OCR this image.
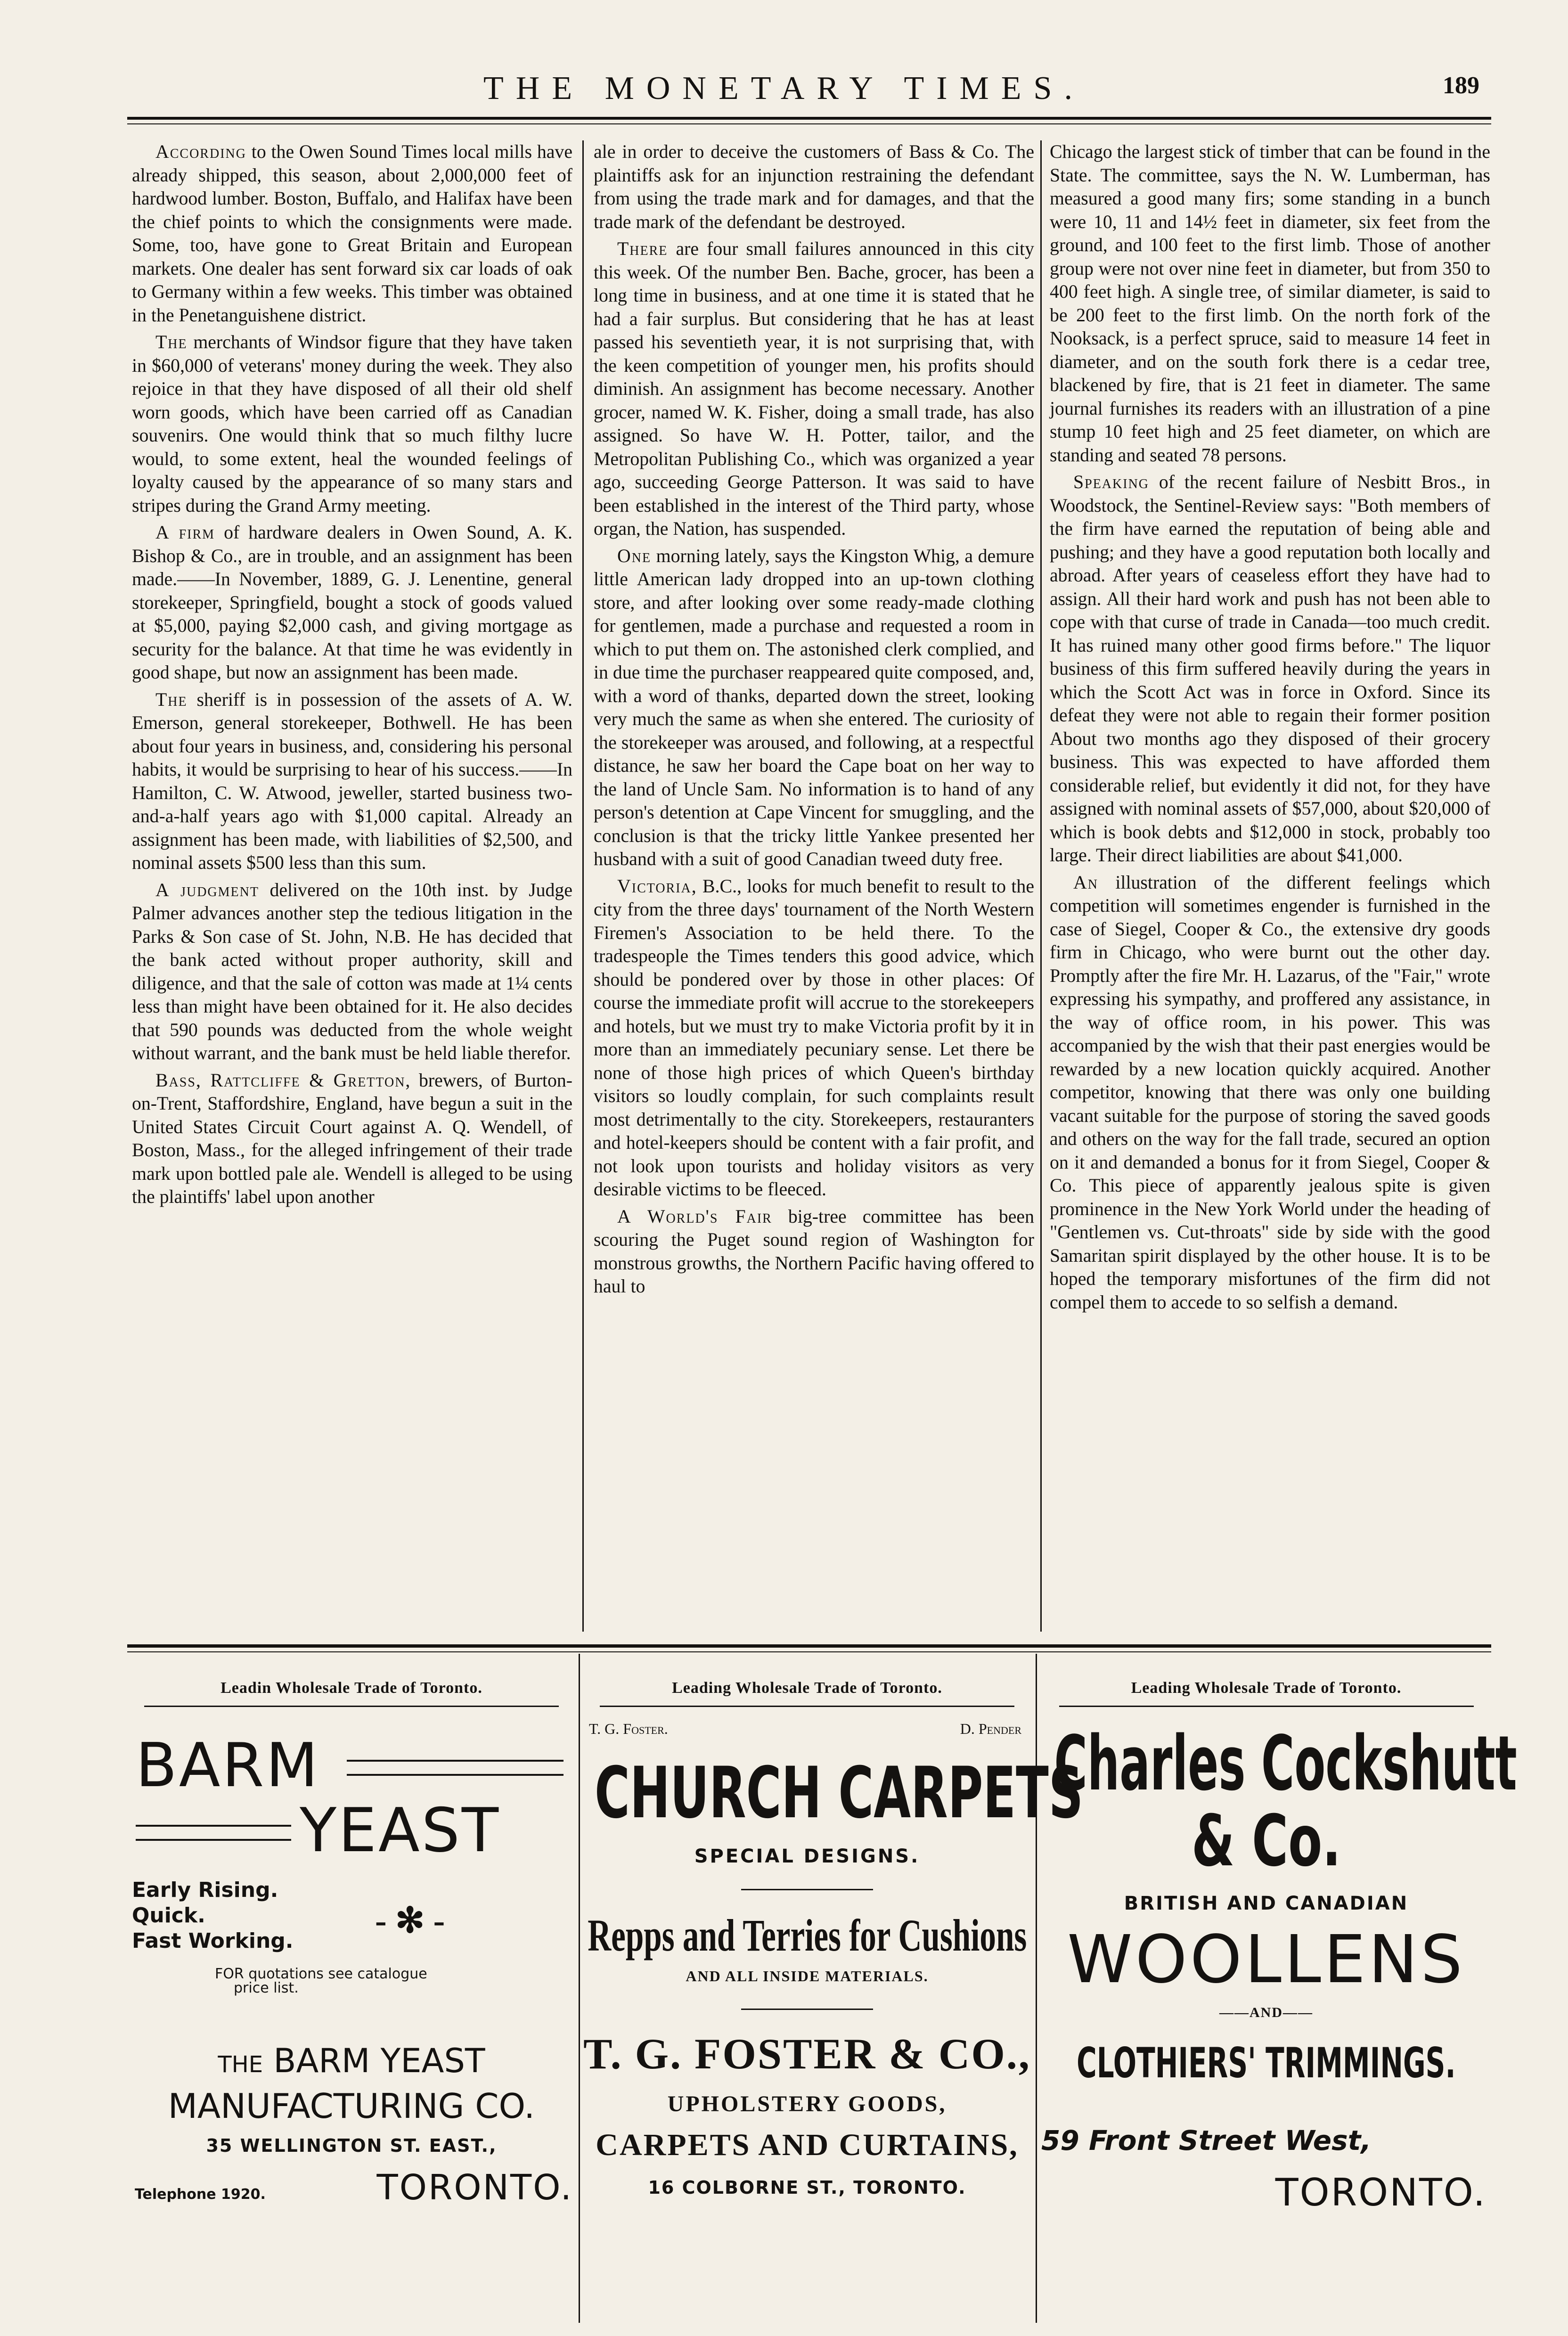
THE MONETARY TIMES.	189

According to the Owen Sound Times local mills have already shipped, this season, about 2,000,000 feet of hardwood lumber. Boston, Buffalo, and Halifax have been the chief points to which the consignments were made. Some, too, have gone to Great Britain and European markets. One dealer has sent forward six car loads of oak to Germany within a few weeks. This timber was obtained in the Penetanguishene district.

The merchants of Windsor figure that they have taken in $60,000 of veterans' money during the week. They also rejoice in that they have disposed of all their old shelf worn goods, which have been carried off as Canadian souvenirs. One would think that so much filthy lucre would, to some extent, heal the wounded feelings of loyalty caused by the appearance of so many stars and stripes during the Grand Army meeting.

A firm of hardware dealers in Owen Sound, A. K. Bishop & Co., are in trouble, and an assignment has been made.——In November, 1889, G. J. Lenentine, general storekeeper, Springfield, bought a stock of goods valued at $5,000, paying $2,000 cash, and giving mortgage as security for the balance. At that time he was evidently in good shape, but now an assignment has been made.

The sheriff is in possession of the assets of A. W. Emerson, general storekeeper, Bothwell. He has been about four years in business, and, considering his personal habits, it would be surprising to hear of his success.——In Hamilton, C. W. Atwood, jeweller, started business two-and-a-half years ago with $1,000 capital. Already an assignment has been made, with liabilities of $2,500, and nominal assets $500 less than this sum.

A judgment delivered on the 10th inst. by Judge Palmer advances another step the tedious litigation in the Parks & Son case of St. John, N.B. He has decided that the bank acted without proper authority, skill and diligence, and that the sale of cotton was made at 1¼ cents less than might have been obtained for it. He also decides that 590 pounds was deducted from the whole weight without warrant, and the bank must be held liable therefor.

Bass, Rattcliffe & Gretton, brewers, of Burton-on-Trent, Staffordshire, England, have begun a suit in the United States Circuit Court against A. Q. Wendell, of Boston, Mass., for the alleged infringement of their trade mark upon bottled pale ale. Wendell is alleged to be using the plaintiffs' label upon another

ale in order to deceive the customers of Bass & Co. The plaintiffs ask for an injunction restraining the defendant from using the trade mark and for damages, and that the trade mark of the defendant be destroyed.

There are four small failures announced in this city this week. Of the number Ben. Bache, grocer, has been a long time in business, and at one time it is stated that he had a fair surplus. But considering that he has at least passed his seventieth year, it is not surprising that, with the keen competition of younger men, his profits should diminish. An assignment has become necessary. Another grocer, named W. K. Fisher, doing a small trade, has also assigned. So have W. H. Potter, tailor, and the Metropolitan Publishing Co., which was organized a year ago, succeeding George Patterson. It was said to have been established in the interest of the Third party, whose organ, the Nation, has suspended.

One morning lately, says the Kingston Whig, a demure little American lady dropped into an up-town clothing store, and after looking over some ready-made clothing for gentlemen, made a purchase and requested a room in which to put them on. The astonished clerk complied, and in due time the purchaser reappeared quite composed, and, with a word of thanks, departed down the street, looking very much the same as when she entered. The curiosity of the storekeeper was aroused, and following, at a respectful distance, he saw her board the Cape boat on her way to the land of Uncle Sam. No information is to hand of any person's detention at Cape Vincent for smuggling, and the conclusion is that the tricky little Yankee presented her husband with a suit of good Canadian tweed duty free.

Victoria, B.C., looks for much benefit to result to the city from the three days' tournament of the North Western Firemen's Association to be held there. To the tradespeople the Times tenders this good advice, which should be pondered over by those in other places: Of course the immediate profit will accrue to the storekeepers and hotels, but we must try to make Victoria profit by it in more than an immediately pecuniary sense. Let there be none of those high prices of which Queen's birthday visitors so loudly complain, for such complaints result most detrimentally to the city. Storekeepers, restauranters and hotel-keepers should be content with a fair profit, and not look upon tourists and holiday visitors as very desirable victims to be fleeced.

A World's Fair big-tree committee has been scouring the Puget sound region of Washington for monstrous growths, the Northern Pacific having offered to haul to

Chicago the largest stick of timber that can be found in the State. The committee, says the N. W. Lumberman, has measured a good many firs; some standing in a bunch were 10, 11 and 14½ feet in diameter, six feet from the ground, and 100 feet to the first limb. Those of another group were not over nine feet in diameter, but from 350 to 400 feet high. A single tree, of similar diameter, is said to be 200 feet to the first limb. On the north fork of the Nooksack, is a perfect spruce, said to measure 14 feet in diameter, and on the south fork there is a cedar tree, blackened by fire, that is 21 feet in diameter. The same journal furnishes its readers with an illustration of a pine stump 10 feet high and 25 feet diameter, on which are standing and seated 78 persons.

Speaking of the recent failure of Nesbitt Bros., in Woodstock, the Sentinel-Review says: "Both members of the firm have earned the reputation of being able and pushing; and they have a good reputation both locally and abroad. After years of ceaseless effort they have had to assign. All their hard work and push has not been able to cope with that curse of trade in Canada—too much credit. It has ruined many other good firms before." The liquor business of this firm suffered heavily during the years in which the Scott Act was in force in Oxford. Since its defeat they were not able to regain their former position About two months ago they disposed of their grocery business. This was expected to have afforded them considerable relief, but evidently it did not, for they have assigned with nominal assets of $57,000, about $20,000 of which is book debts and $12,000 in stock, probably too large. Their direct liabilities are about $41,000.

An illustration of the different feelings which competition will sometimes engender is furnished in the case of Siegel, Cooper & Co., the extensive dry goods firm in Chicago, who were burnt out the other day. Promptly after the fire Mr. H. Lazarus, of the "Fair," wrote expressing his sympathy, and proffered any assistance, in the way of office room, in his power. This was accompanied by the wish that their past energies would be rewarded by a new location quickly acquired. Another competitor, knowing that there was only one building vacant suitable for the purpose of storing the saved goods and others on the way for the fall trade, secured an option on it and demanded a bonus for it from Siegel, Cooper & Co. This piece of apparently jealous spite is given prominence in the New York World under the heading of "Gentlemen vs. Cut-throats" side by side with the good Samaritan spirit displayed by the other house. It is to be hoped the temporary misfortunes of the firm did not compel them to accede to so selfish a demand.

Leadin Wholesale Trade of Toronto.
BARM
YEAST
Early Rising.
Quick.
Fast Working.
- ✻ -
FOR quotations see catalogue
price list.
THE BARM YEAST
MANUFACTURING CO.
35 WELLINGTON ST. EAST.,
Telephone 1920.	TORONTO.
Leading Wholesale Trade of Toronto.
T. G. Foster.	D. Pender
CHURCH CARPETS
SPECIAL DESIGNS.
Repps and Terries for Cushions
AND ALL INSIDE MATERIALS.
T. G. FOSTER & CO.,
UPHOLSTERY GOODS,
CARPETS AND CURTAINS,
16 COLBORNE ST., TORONTO.
Leading Wholesale Trade of Toronto.
Charles Cockshutt
& Co.
BRITISH AND CANADIAN
WOOLLENS
——AND——
CLOTHIERS' TRIMMINGS.
59 Front Street West,
TORONTO.
